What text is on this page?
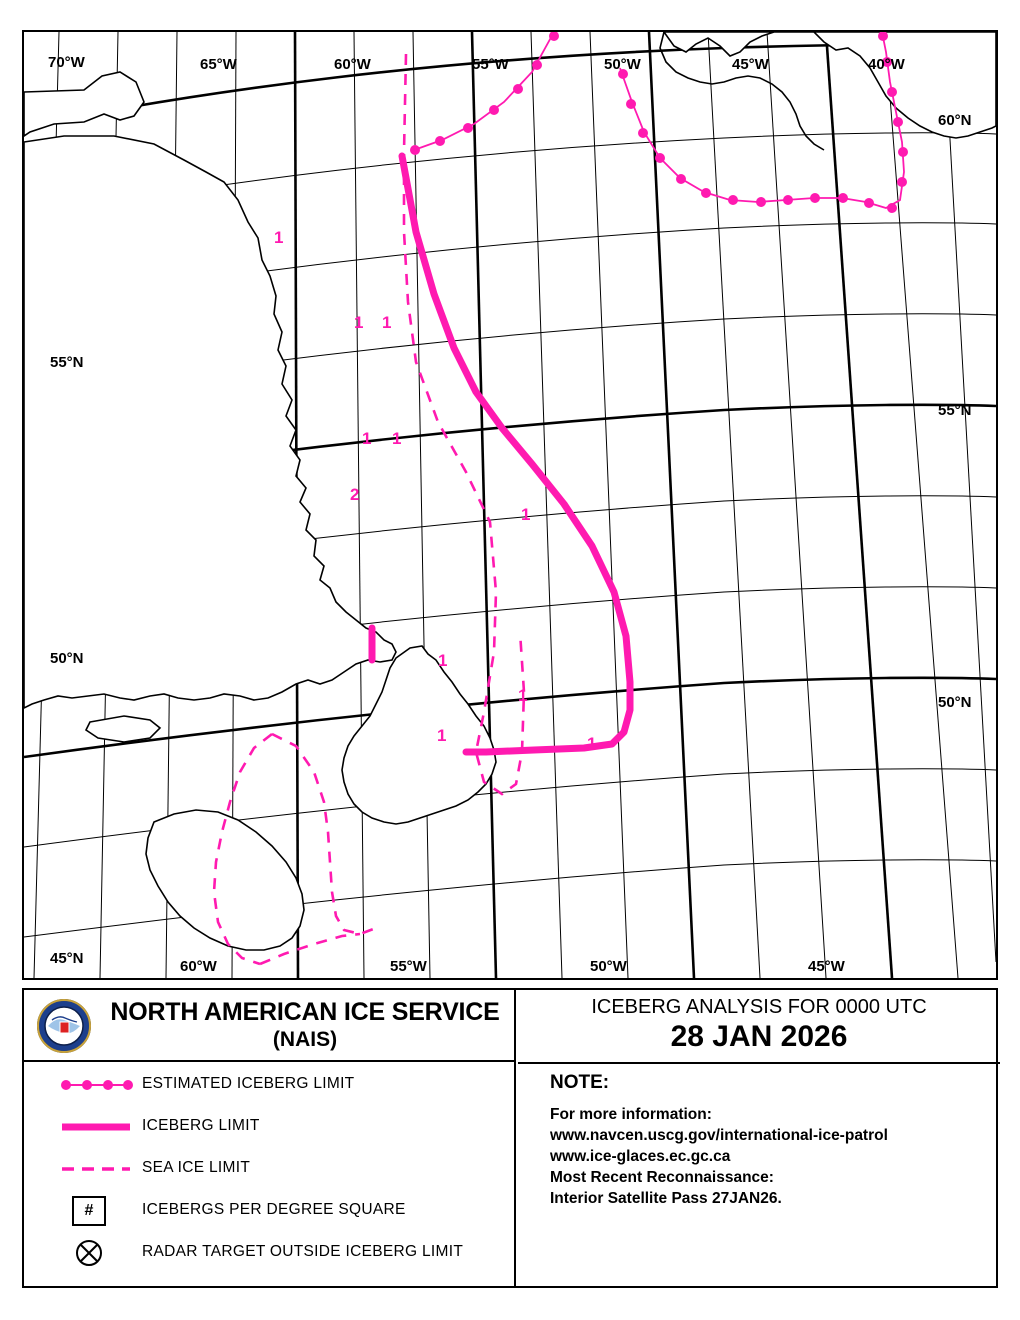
70°W	65°W	60°W	55°W	50°W	45°W	40°W
60°N
55°N
50°N
55°N
50°N
45°N	60°W	55°W	50°W	45°W
1
1 1
1 1
2
1
1
1
1	1
NORTH AMERICAN ICE SERVICE
(NAIS)
ESTIMATED ICEBERG LIMIT
ICEBERG LIMIT
SEA ICE LIMIT
#	ICEBERGS PER DEGREE SQUARE
RADAR TARGET OUTSIDE ICEBERG LIMIT
ICEBERG ANALYSIS FOR 0000 UTC
28 JAN 2026
NOTE:
For more information:
www.navcen.uscg.gov/international-ice-patrol
www.ice-glaces.ec.gc.ca
Most Recent Reconnaissance:
Interior Satellite Pass 27JAN26.
